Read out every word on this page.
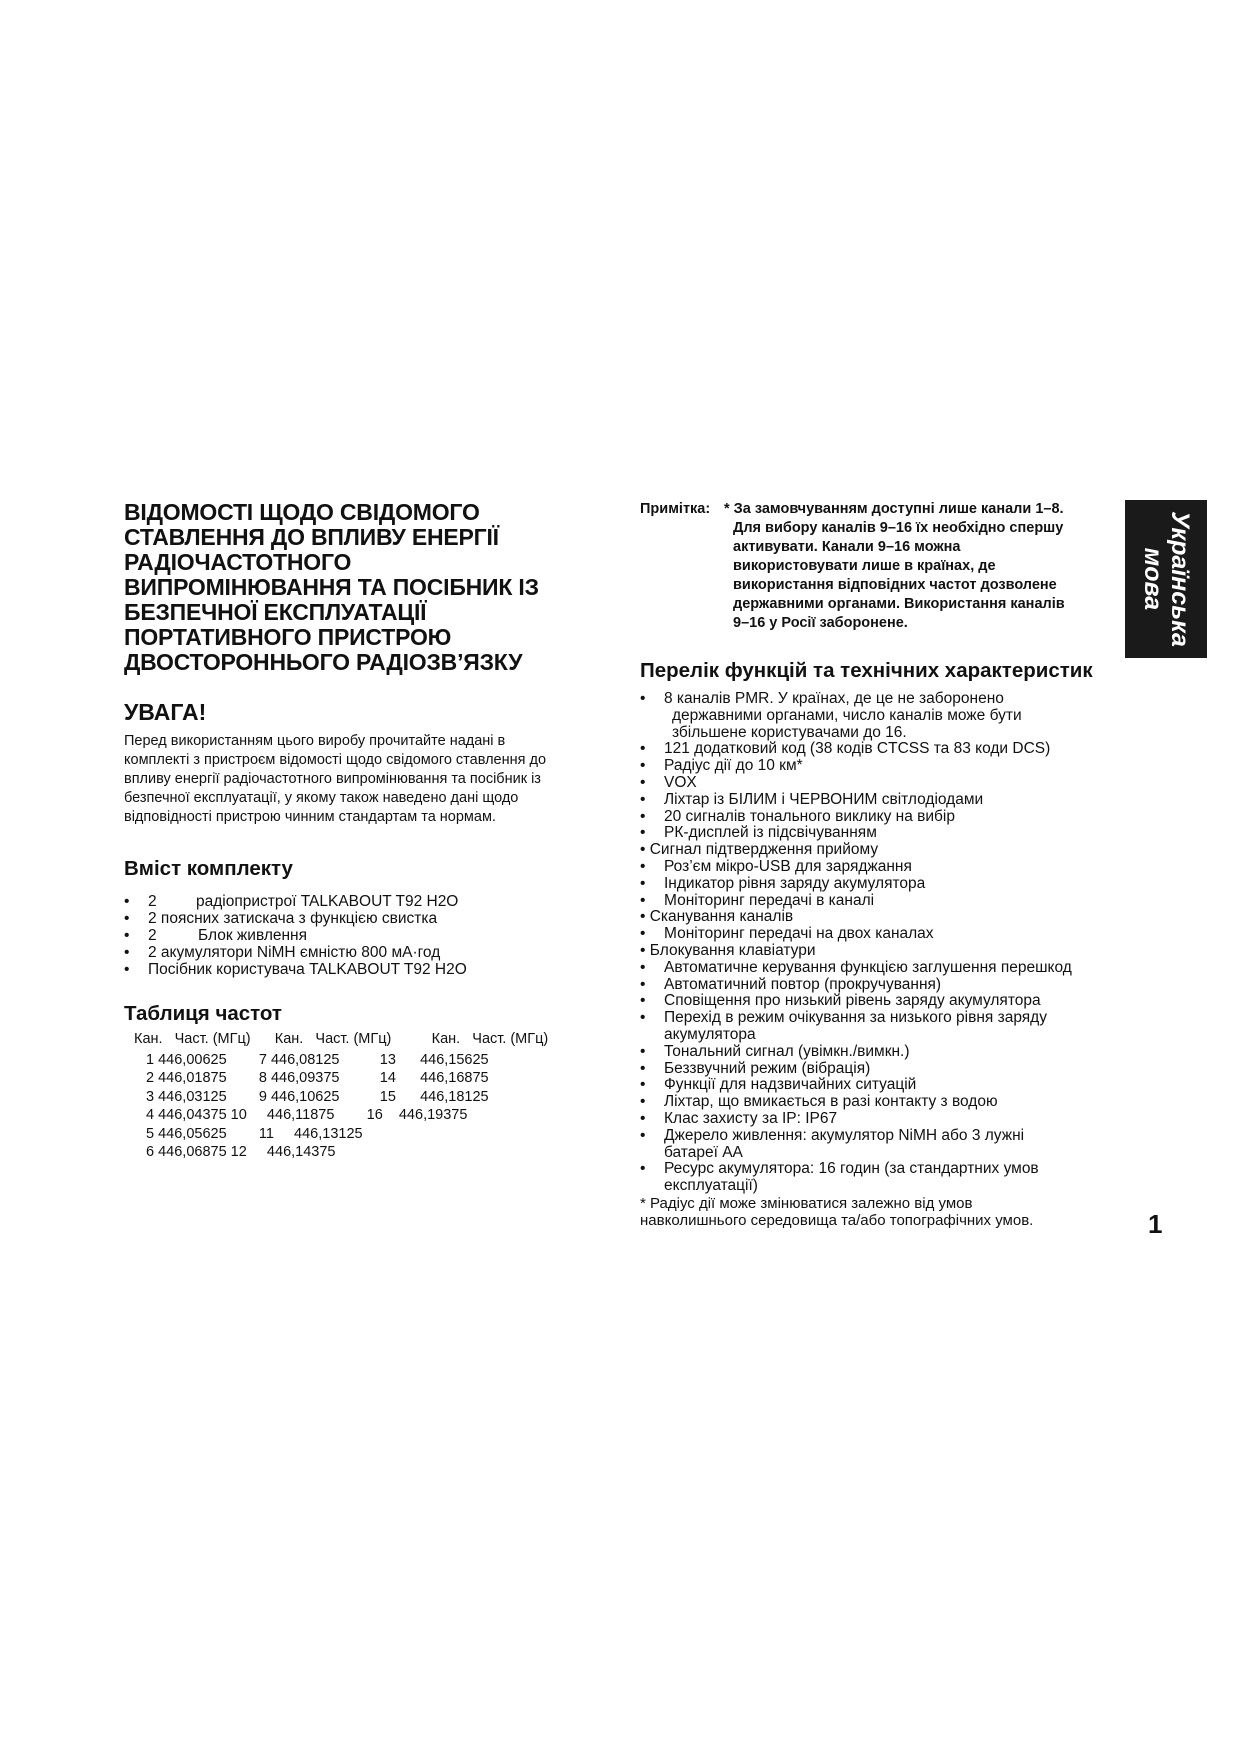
ВІДОМОСТІ ЩОДО СВІДОМОГО
СТАВЛЕННЯ ДО ВПЛИВУ ЕНЕРГІЇ
РАДІОЧАСТОТНОГО
ВИПРОМІНЮВАННЯ ТА ПОСІБНИК ІЗ
БЕЗПЕЧНОЇ ЕКСПЛУАТАЦІЇ
ПОРТАТИВНОГО ПРИСТРОЮ
ДВОСТОРОННЬОГО РАДІОЗВ’ЯЗКУ
УВАГА!
Перед використанням цього виробу прочитайте надані в
комплекті з пристроєм відомості щодо свідомого ставлення до
впливу енергії радіочастотного випромінювання та посібник із
безпечної експлуатації, у якому також наведено дані щодо
відповідності пристрою чинним стандартам та нормам.
Вміст комплекту
• 2	радіопристрої TALKABOUT T92 H2O
• 2 поясних затискача з функцією свистка
• 2	Блок живлення
• 2 акумулятори NiMH ємністю 800 мА·год
• Посібник користувача TALKABOUT T92 H2O
Таблиця частот
Кан.   Част. (МГц)      Кан.   Част. (МГц)          Кан.   Част. (МГц)
1 446,00625        7 446,08125          13      446,15625
2 446,01875        8 446,09375          14      446,16875
3 446,03125        9 446,10625          15      446,18125
4 446,04375 10     446,11875        16    446,19375
5 446,05625        11     446,13125
6 446,06875 12     446,14375
Примітка: * За замовчуванням доступні лише канали 1–8.
Для вибору каналів 9–16 їх необхідно спершу
активувати. Канали 9–16 можна
використовувати лише в країнах, де
використання відповідних частот дозволене
державними органами. Використання каналів
9–16 у Росії заборонене.
Перелік функцій та технічних характеристик
• 8 каналів PMR. У країнах, де це не заборонено
державними органами, число каналів може бути
збільшене користувачами до 16.
• 121 додатковий код (38 кодів CTCSS та 83 коди DCS)
• Радіус дії до 10 км*
• VOX
• Ліхтар із БІЛИМ і ЧЕРВОНИМ світлодіодами
• 20 сигналів тонального виклику на вибір
• РК-дисплей із підсвічуванням
• Сигнал підтвердження прийому
• Роз’єм мікро-USB для заряджання
• Індикатор рівня заряду акумулятора
• Моніторинг передачі в каналі
• Сканування каналів
• Моніторинг передачі на двох каналах
• Блокування клавіатури
• Автоматичне керування функцією заглушення перешкод
• Автоматичний повтор (прокручування)
• Сповіщення про низький рівень заряду акумулятора
• Перехід в режим очікування за низького рівня заряду
акумулятора
• Тональний сигнал (увімкн./вимкн.)
• Беззвучний режим (вібрація)
• Функції для надзвичайних ситуацій
• Ліхтар, що вмикається в разі контакту з водою
• Клас захисту за IP: IP67
• Джерело живлення: акумулятор NiMH або 3 лужні
батареї AA
• Ресурс акумулятора: 16 годин (за стандартних умов
експлуатації)
* Радіус дії може змінюватися залежно від умов
навколишнього середовища та/або топографічних умов.
Українська
мова
1
